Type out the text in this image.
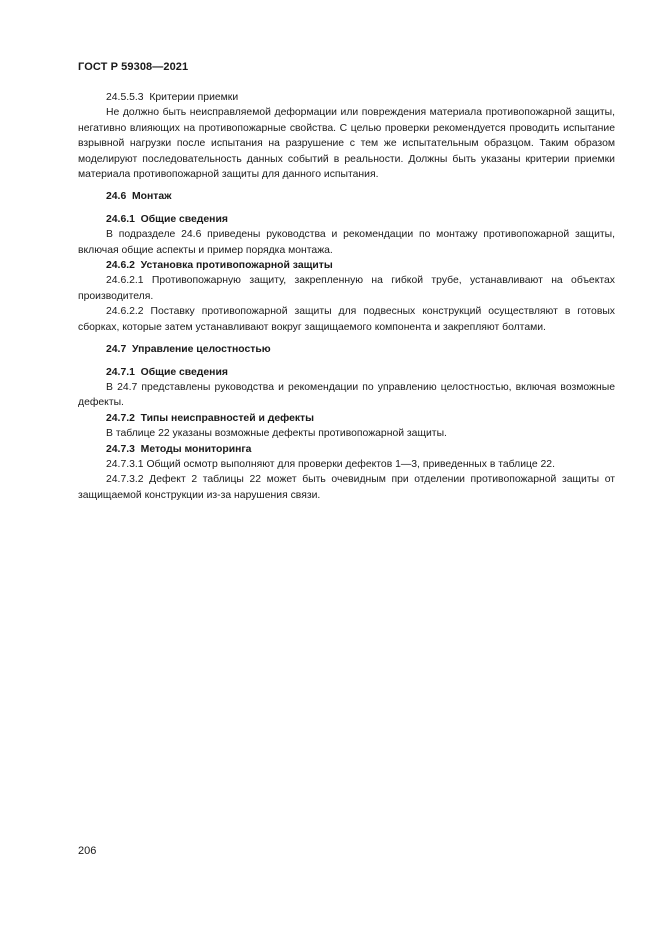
ГОСТ Р 59308—2021

24.5.5.3 Критерии приемки

Не должно быть неисправляемой деформации или повреждения материала противопожарной защиты, негативно влияющих на противопожарные свойства. С целью проверки рекомендуется проводить испытание взрывной нагрузки после испытания на разрушение с тем же испытательным образцом. Таким образом моделируют последовательность данных событий в реальности. Должны быть указаны критерии приемки материала противопожарной защиты для данного испытания.

24.6 Монтаж

24.6.1 Общие сведения

В подразделе 24.6 приведены руководства и рекомендации по монтажу противопожарной защиты, включая общие аспекты и пример порядка монтажа.

24.6.2 Установка противопожарной защиты

24.6.2.1 Противопожарную защиту, закрепленную на гибкой трубе, устанавливают на объектах производителя.

24.6.2.2 Поставку противопожарной защиты для подвесных конструкций осуществляют в готовых сборках, которые затем устанавливают вокруг защищаемого компонента и закрепляют болтами.

24.7 Управление целостностью

24.7.1 Общие сведения

В 24.7 представлены руководства и рекомендации по управлению целостностью, включая возможные дефекты.

24.7.2 Типы неисправностей и дефекты

В таблице 22 указаны возможные дефекты противопожарной защиты.

24.7.3 Методы мониторинга

24.7.3.1 Общий осмотр выполняют для проверки дефектов 1—3, приведенных в таблице 22.

24.7.3.2 Дефект 2 таблицы 22 может быть очевидным при отделении противопожарной защиты от защищаемой конструкции из-за нарушения связи.

206
